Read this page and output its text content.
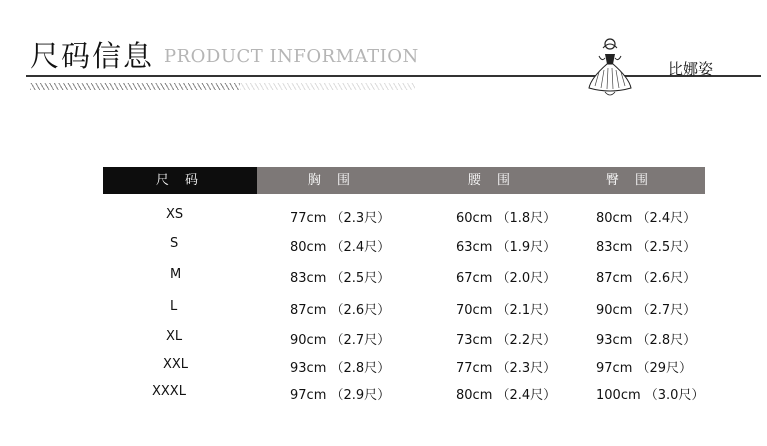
尺码信息 PRODUCT INFORMATION
比娜姿
尺 码	胸 围	腰 围	臀 围
XS	77cm （2.3尺）	60cm （1.8尺）	80cm （2.4尺）
S	80cm （2.4尺）	63cm （1.9尺）	83cm （2.5尺）
M	83cm （2.5尺）	67cm （2.0尺）	87cm （2.6尺）
L	87cm （2.6尺）	70cm （2.1尺）	90cm （2.7尺）
XL	90cm （2.7尺）	73cm （2.2尺）	93cm （2.8尺）
XXL	93cm （2.8尺）	77cm （2.3尺）	97cm （29尺）
XXXL	97cm （2.9尺）	80cm （2.4尺）	100cm （3.0尺）
